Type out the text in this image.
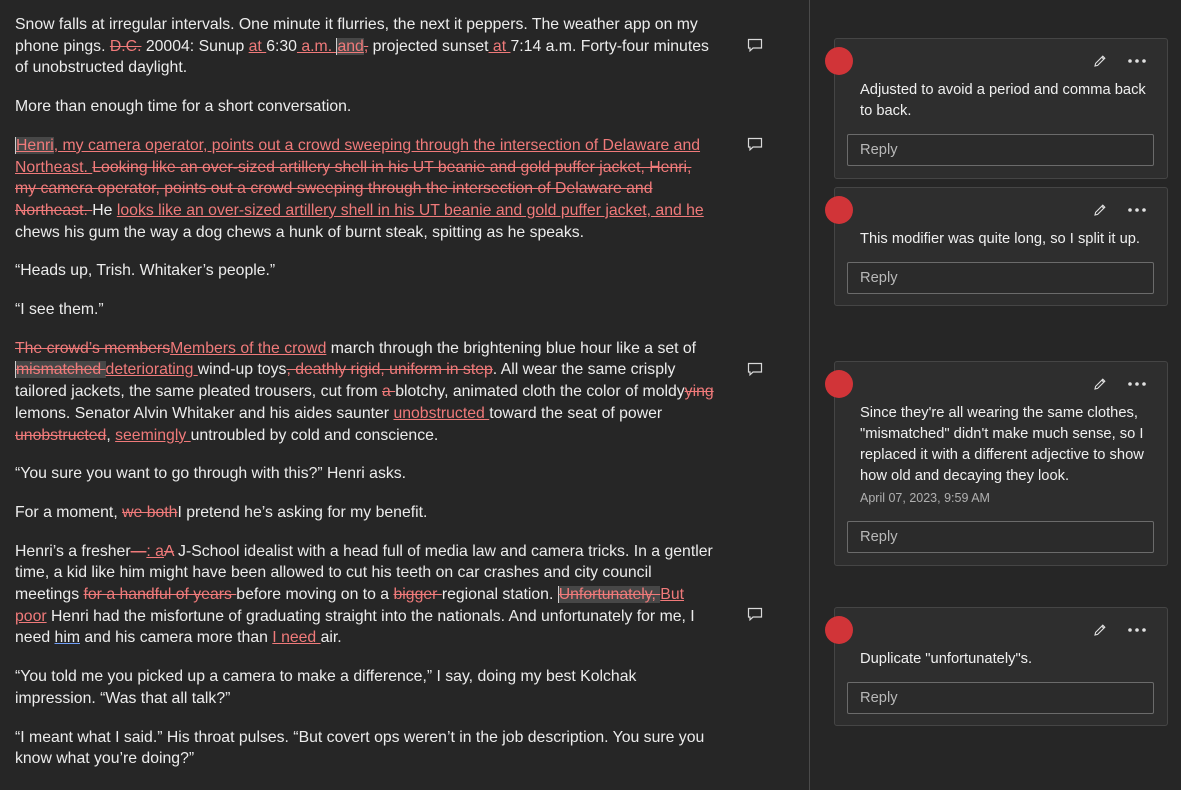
Snow falls at irregular intervals. One minute it flurries, the next it peppers. The weather app on my phone pings. D.C. 20004: Sunup at 6:30 a.m. and, projected sunset at 7:14 a.m. Forty-four minutes of unobstructed daylight.

More than enough time for a short conversation.

Henri, my camera operator, points out a crowd sweeping through the intersection of Delaware and Northeast. Looking like an over-sized artillery shell in his UT beanie and gold puffer jacket, Henri, my camera operator, points out a crowd sweeping through the intersection of Delaware and Northeast. He looks like an over-sized artillery shell in his UT beanie and gold puffer jacket, and he chews his gum the way a dog chews a hunk of burnt steak, spitting as he speaks.

“Heads up, Trish. Whitaker’s people.”

“I see them.”

The crowd’s membersMembers of the crowd march through the brightening blue hour like a set of mismatched deteriorating wind-up toys, deathly rigid, uniform in step. All wear the same crisply tailored jackets, the same pleated trousers, cut from a blotchy, animated cloth the color of moldyying lemons. Senator Alvin Whitaker and his aides saunter unobstructed toward the seat of power unobstructed, seemingly untroubled by cold and conscience.

“You sure you want to go through with this?” Henri asks.

For a moment, we bothI pretend he’s asking for my benefit.

Henri’s a fresher—: aA J-School idealist with a head full of media law and camera tricks. In a gentler time, a kid like him might have been allowed to cut his teeth on car crashes and city council meetings for a handful of years before moving on to a bigger regional station. Unfortunately, But poor Henri had the misfortune of graduating straight into the nationals. And unfortunately for me, I need him and his camera more than I need air.

“You told me you picked up a camera to make a difference,” I say, doing my best Kolchak impression. “Was that all talk?”

“I meant what I said.” His throat pulses. “But covert ops weren’t in the job description. You sure you know what you’re doing?”

Adjusted to avoid a period and comma back to back.
Reply
This modifier was quite long, so I split it up.
Reply
Since they're all wearing the same clothes, "mismatched" didn't make much sense, so I replaced it with a different adjective to show how old and decaying they look.
April 07, 2023, 9:59 AM
Reply
Duplicate "unfortunately"s.
Reply
